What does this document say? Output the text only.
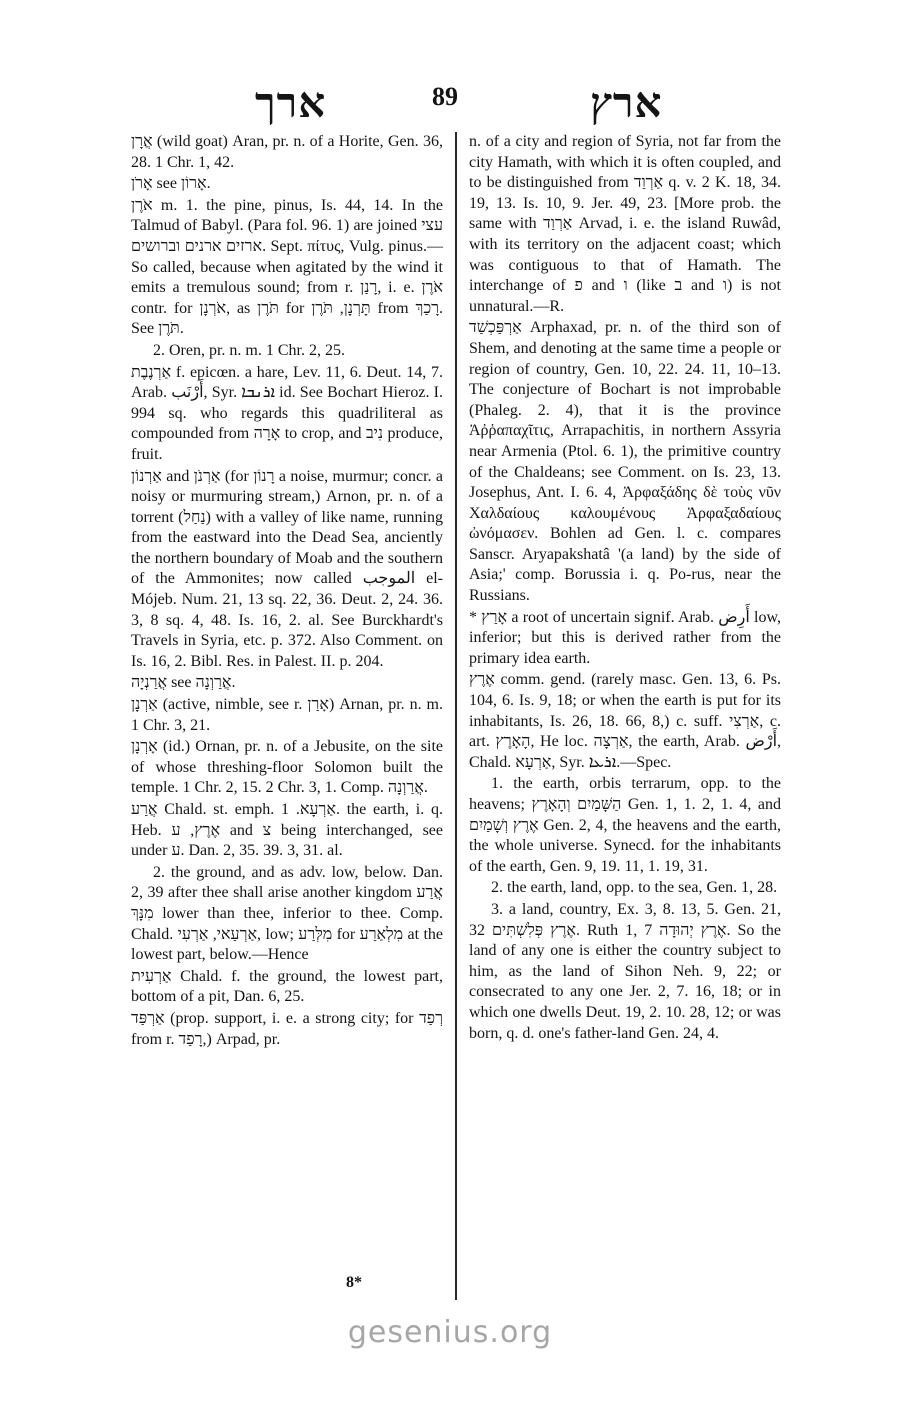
ארך	89	ארץ

אֲרָן (wild goat) Aran, pr. n. of a Horite, Gen. 36, 28. 1 Chr. 1, 42.

אָרֹן see אָרוֹן.

אֹרֶן m. 1. the pine, pinus, Is. 44, 14. In the Talmud of Babyl. (Para fol. 96. 1) are joined עצי ארזים ארנים וברושים. Sept. πίτυς, Vulg. pinus.—So called, because when agitated by the wind it emits a tremulous sound; from r. רָנַן, i. e. אֹרֶן contr. for אֹרְנָן, as תֹּרֶן for תָּרְנָן, תֹּרֶן from רָכַךְ. See תֹּרֶן.

2. Oren, pr. n. m. 1 Chr. 2, 25.

אַרְנֶבֶת f. epicœn. a hare, Lev. 11, 6. Deut. 14, 7. Arab. أَرْنَب, Syr. ܐܪܢܒܐ id. See Bochart Hieroz. I. 994 sq. who regards this quadriliteral as compounded from אָרָה to crop, and נִיב produce, fruit.

אַרְנוֹן and אַרְנֹן (for רָנוֹן a noise, murmur; concr. a noisy or murmuring stream,) Arnon, pr. n. of a torrent (נַחַל) with a valley of like name, running from the eastward into the Dead Sea, anciently the northern boundary of Moab and the southern of the Ammonites; now called الموجب el-Mójeb. Num. 21, 13 sq. 22, 36. Deut. 2, 24. 36. 3, 8 sq. 4, 48. Is. 16, 2. al. See Burckhardt's Travels in Syria, etc. p. 372. Also Comment. on Is. 16, 2. Bibl. Res. in Palest. II. p. 204.

אֲרַנְיָה see אֲרַוְנָה.

אַרְנָן (active, nimble, see r. אָרַן) Arnan, pr. n. m. 1 Chr. 3, 21.

אָרְנָן (id.) Ornan, pr. n. of a Jebusite, on the site of whose threshing-floor Solomon built the temple. 1 Chr. 2, 15. 2 Chr. 3, 1. Comp. אֲרַוְנָה.

אֲרַע Chald. st. emph. אַרְעָא. 1. the earth, i. q. Heb. אֶרֶץ, ע and צ being interchanged, see under ע. Dan. 2, 35. 39. 3, 31. al.

2. the ground, and as adv. low, below. Dan. 2, 39 after thee shall arise another kingdom אֲרַע מִנָּךְ lower than thee, inferior to thee. Comp. Chald. אַרְעַאי, אַרְעִי, low; מִלְּרַע for מִלְאַרַע at the lowest part, below.—Hence

אַרְעִית Chald. f. the ground, the lowest part, bottom of a pit, Dan. 6, 25.

אַרְפַּד (prop. support, i. e. a strong city; for רְפַד from r. רָפַד,) Arpad, pr.

n. of a city and region of Syria, not far from the city Hamath, with which it is often coupled, and to be distinguished from אַרְוַד q. v. 2 K. 18, 34. 19, 13. Is. 10, 9. Jer. 49, 23. [More prob. the same with אַרְוַד Arvad, i. e. the island Ruwâd, with its territory on the adjacent coast; which was contiguous to that of Hamath. The interchange of פ and ו (like ב and ו) is not unnatural.—R.

אַרְפַּכְשַׁד Arphaxad, pr. n. of the third son of Shem, and denoting at the same time a people or region of country, Gen. 10, 22. 24. 11, 10–13. The conjecture of Bochart is not improbable (Phaleg. 2. 4), that it is the province Ἀῤῥαπαχῖτις, Arrapachitis, in northern Assyria near Armenia (Ptol. 6. 1), the primitive country of the Chaldeans; see Comment. on Is. 23, 13. Josephus, Ant. I. 6. 4, Ἀρφαξάδης δὲ τοὺς νῦν Χαλδαίους καλουμένους Ἀρφαξαδαίους ὠνόμασεν. Bohlen ad Gen. l. c. compares Sanscr. Aryapakshatâ '(a land) by the side of Asia;' comp. Borussia i. q. Po-rus, near the Russians.

* אָרַץ a root of uncertain signif. Arab. أَرِض low, inferior; but this is derived rather from the primary idea earth.

אֶרֶץ comm. gend. (rarely masc. Gen. 13, 6. Ps. 104, 6. Is. 9, 18; or when the earth is put for its inhabitants, Is. 26, 18. 66, 8,) c. suff. אַרְצִי, c. art. הָאָרֶץ, He loc. אַרְצָה, the earth, Arab. أَرْض, Chald. אַרְעָא, Syr. ܐܪܥܐ.—Spec.

1. the earth, orbis terrarum, opp. to the heavens; הַשָּׁמַיִם וְהָאָרֶץ Gen. 1, 1. 2, 1. 4, and אֶרֶץ וְשָׁמַיִם Gen. 2, 4, the heavens and the earth, the whole universe. Synecd. for the inhabitants of the earth, Gen. 9, 19. 11, 1. 19, 31.

2. the earth, land, opp. to the sea, Gen. 1, 28.

3. a land, country, Ex. 3, 8. 13, 5. Gen. 21, 32 אֶרֶץ פְּלִשְׁתִּים. Ruth 1, 7 אֶרֶץ יְהוּדָה. So the land of any one is either the country subject to him, as the land of Sihon Neh. 9, 22; or consecrated to any one Jer. 2, 7. 16, 18; or in which one dwells Deut. 19, 2. 10. 28, 12; or was born, q. d. one's father-land Gen. 24, 4.

8*
gesenius.org
